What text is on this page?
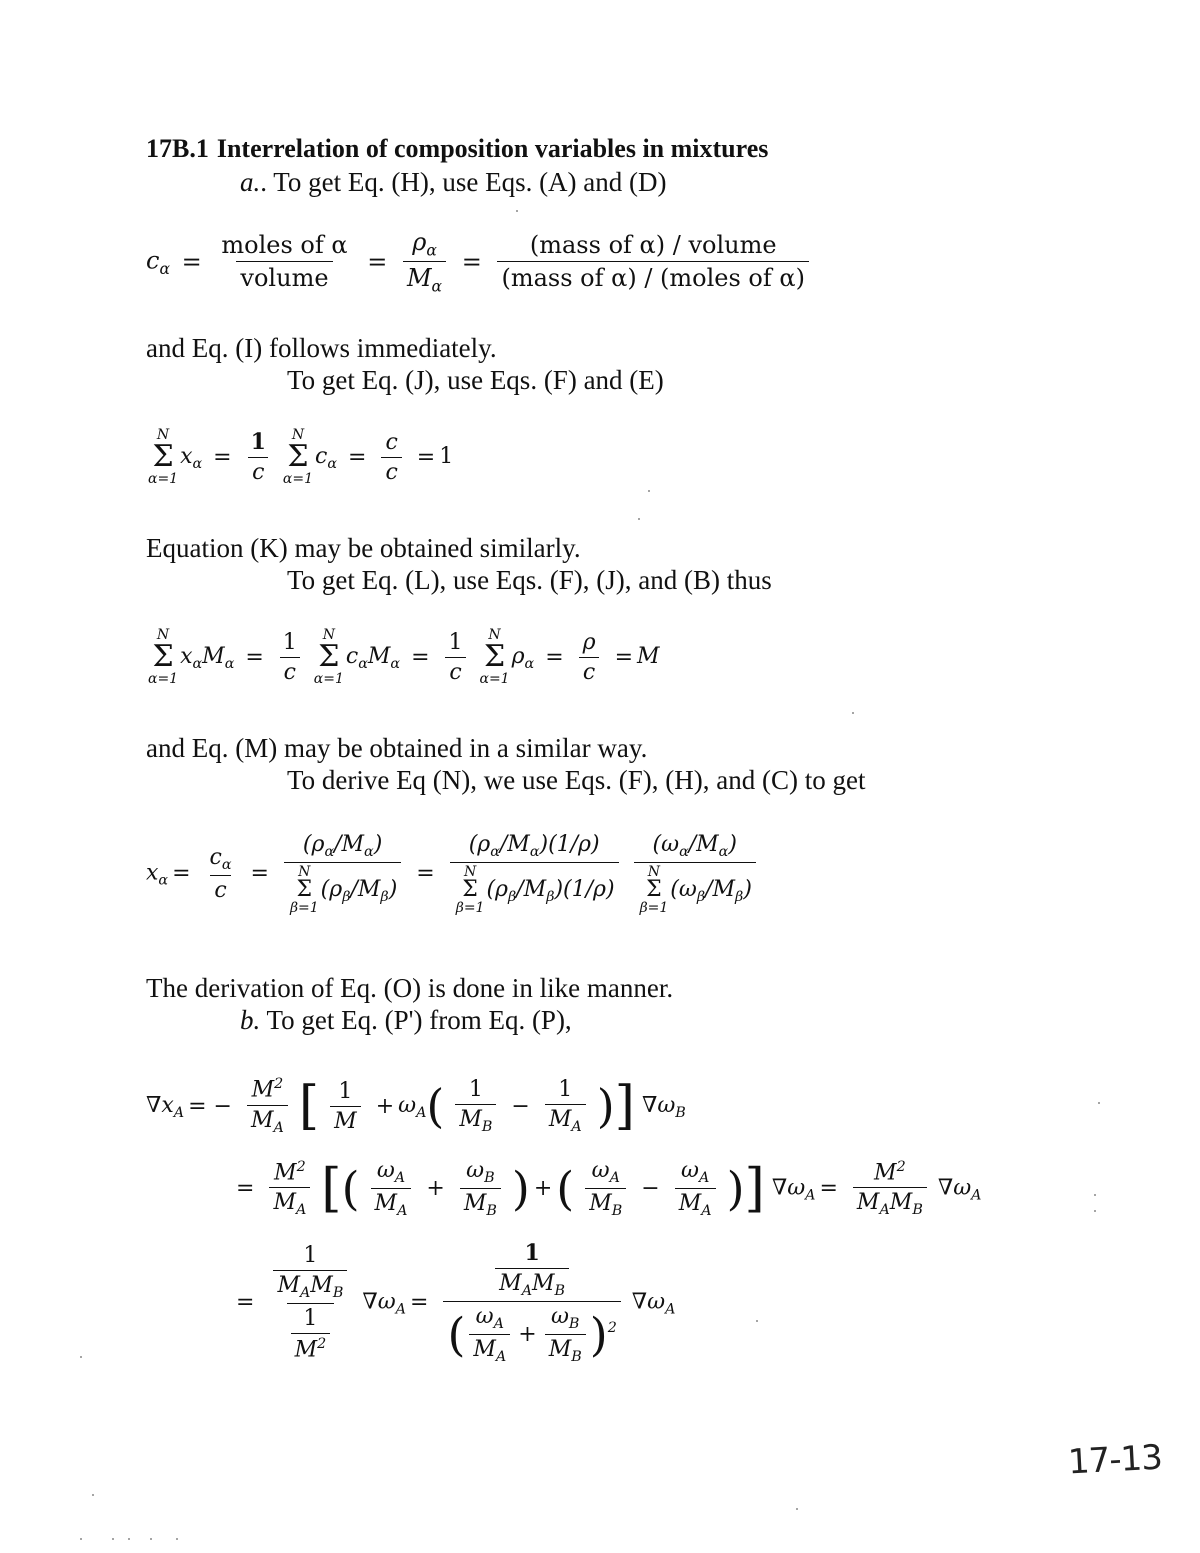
17B.1 Interrelation of composition variables in mixtures
a.. To get Eq. (H), use Eqs. (A) and (D)
$c_\alpha = \frac{\text{moles of α}}{\text{volume}} = \frac{\rho_\alpha}{M_\alpha} = \frac{\text{(mass of α) / volume}}{\text{(mass of α) / (moles of α)}}$
and Eq. (I) follows immediately.
To get Eq. (J), use Eqs. (F) and (E)
N
Σ
α=1
$x_\alpha = \frac{1}{c}$
N
Σ
α=1
$c_\alpha = \frac{c}{c} = 1$
Equation (K) may be obtained similarly.
To get Eq. (L), use Eqs. (F), (J), and (B) thus
N
Σ
α=1
$x_\alpha M_\alpha = \frac{1}{c}$
N
Σ
α=1
$c_\alpha M_\alpha = \frac{1}{c}$
N
Σ
α=1
$\rho_\alpha = \frac{\rho}{c} = M$
and Eq. (M) may be obtained in a similar way.
To derive Eq (N), we use Eqs. (F), (H), and (C) to get
$x_\alpha = \frac{c_\alpha}{c} = (\rho_\alpha/M_\alpha)$
N
Σ
β=1
$(\rho_\beta/M_\beta) = (\rho_\alpha/M_\alpha)(1/\rho)$
N
Σ
β=1
$(\rho_\beta/M_\beta)(1/\rho)$
$(\omega_\alpha/M_\alpha)$
N
Σ
β=1
$(\omega_\beta/M_\beta)$
The derivation of Eq. (O) is done in like manner.
b. To get Eq. (P') from Eq. (P),
$\nabla x_A$ = − $\frac{M^2}{M_A}$ [ $\frac{1}{M} + \omega_A( \frac{1}{M_B} - \frac{1}{M_A}$ )] $\nabla\omega_B$
= $\frac{M^2}{M_A}$ [( $\frac{\omega_A}{M_A} + \frac{\omega_B}{M_B}$ ) +( $\frac{\omega_A}{M_B} - \frac{\omega_A}{M_A}$ )] $\nabla\omega_A = \frac{M^2}{M_AM_B} \nabla\omega_A$
= $\frac{\frac{1}{M_AM_B}}{\frac{1}{M^2}} \nabla\omega_A = \frac{\frac{1}{M_AM_B}}{( \frac{\omega_A}{M_A} + \frac{\omega_B}{M_B} )^2} \nabla\omega_A$
17-13
